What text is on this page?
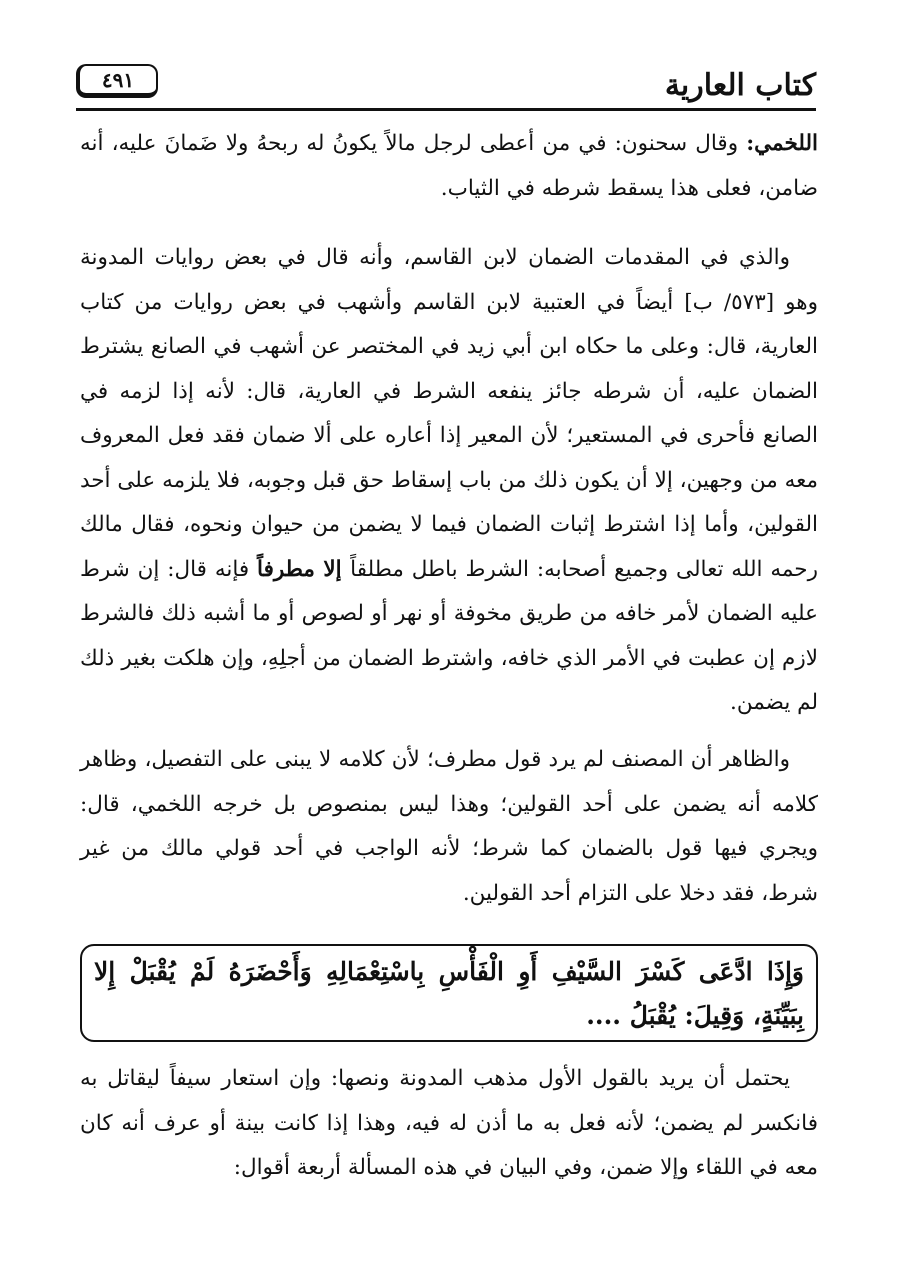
٤٩١	كتاب العارية

اللخمي: وقال سحنون: في من أعطى لرجل مالاً يكونُ له ربحهُ ولا ضَمانَ عليه، أنه ضامن، فعلى هذا يسقط شرطه في الثياب.

والذي في المقدمات الضمان لابن القاسم، وأنه قال في بعض روايات المدونة وهو [٥٧٣/ ب] أيضاً في العتبية لابن القاسم وأشهب في بعض روايات من كتاب العارية، قال: وعلى ما حكاه ابن أبي زيد في المختصر عن أشهب في الصانع يشترط الضمان عليه، أن شرطه جائز ينفعه الشرط في العارية، قال: لأنه إذا لزمه في الصانع فأحرى في المستعير؛ لأن المعير إذا أعاره على ألا ضمان فقد فعل المعروف معه من وجهين، إلا أن يكون ذلك من باب إسقاط حق قبل وجوبه، فلا يلزمه على أحد القولين، وأما إذا اشترط إثبات الضمان فيما لا يضمن من حيوان ونحوه، فقال مالك رحمه الله تعالى وجميع أصحابه: الشرط باطل مطلقاً إلا مطرفاً فإنه قال: إن شرط عليه الضمان لأمر خافه من طريق مخوفة أو نهر أو لصوص أو ما أشبه ذلك فالشرط لازم إن عطبت في الأمر الذي خافه، واشترط الضمان من أجلِهِ، وإن هلكت بغير ذلك لم يضمن.

والظاهر أن المصنف لم يرد قول مطرف؛ لأن كلامه لا يبنى على التفصيل، وظاهر كلامه أنه يضمن على أحد القولين؛ وهذا ليس بمنصوص بل خرجه اللخمي، قال: ويجري فيها قول بالضمان كما شرط؛ لأنه الواجب في أحد قولي مالك من غير شرط، فقد دخلا على التزام أحد القولين.

وَإِذَا ادَّعَى كَسْرَ السَّيْفِ أَوِ الْفَأْسِ بِاسْتِعْمَالِهِ وَأَحْضَرَهُ لَمْ يُقْبَلْ إِلا بِبَيِّنَةٍ، وَقِيلَ: يُقْبَلُ ....

يحتمل أن يريد بالقول الأول مذهب المدونة ونصها: وإن استعار سيفاً ليقاتل به فانكسر لم يضمن؛ لأنه فعل به ما أذن له فيه، وهذا إذا كانت بينة أو عرف أنه كان معه في اللقاء وإلا ضمن، وفي البيان في هذه المسألة أربعة أقوال:
